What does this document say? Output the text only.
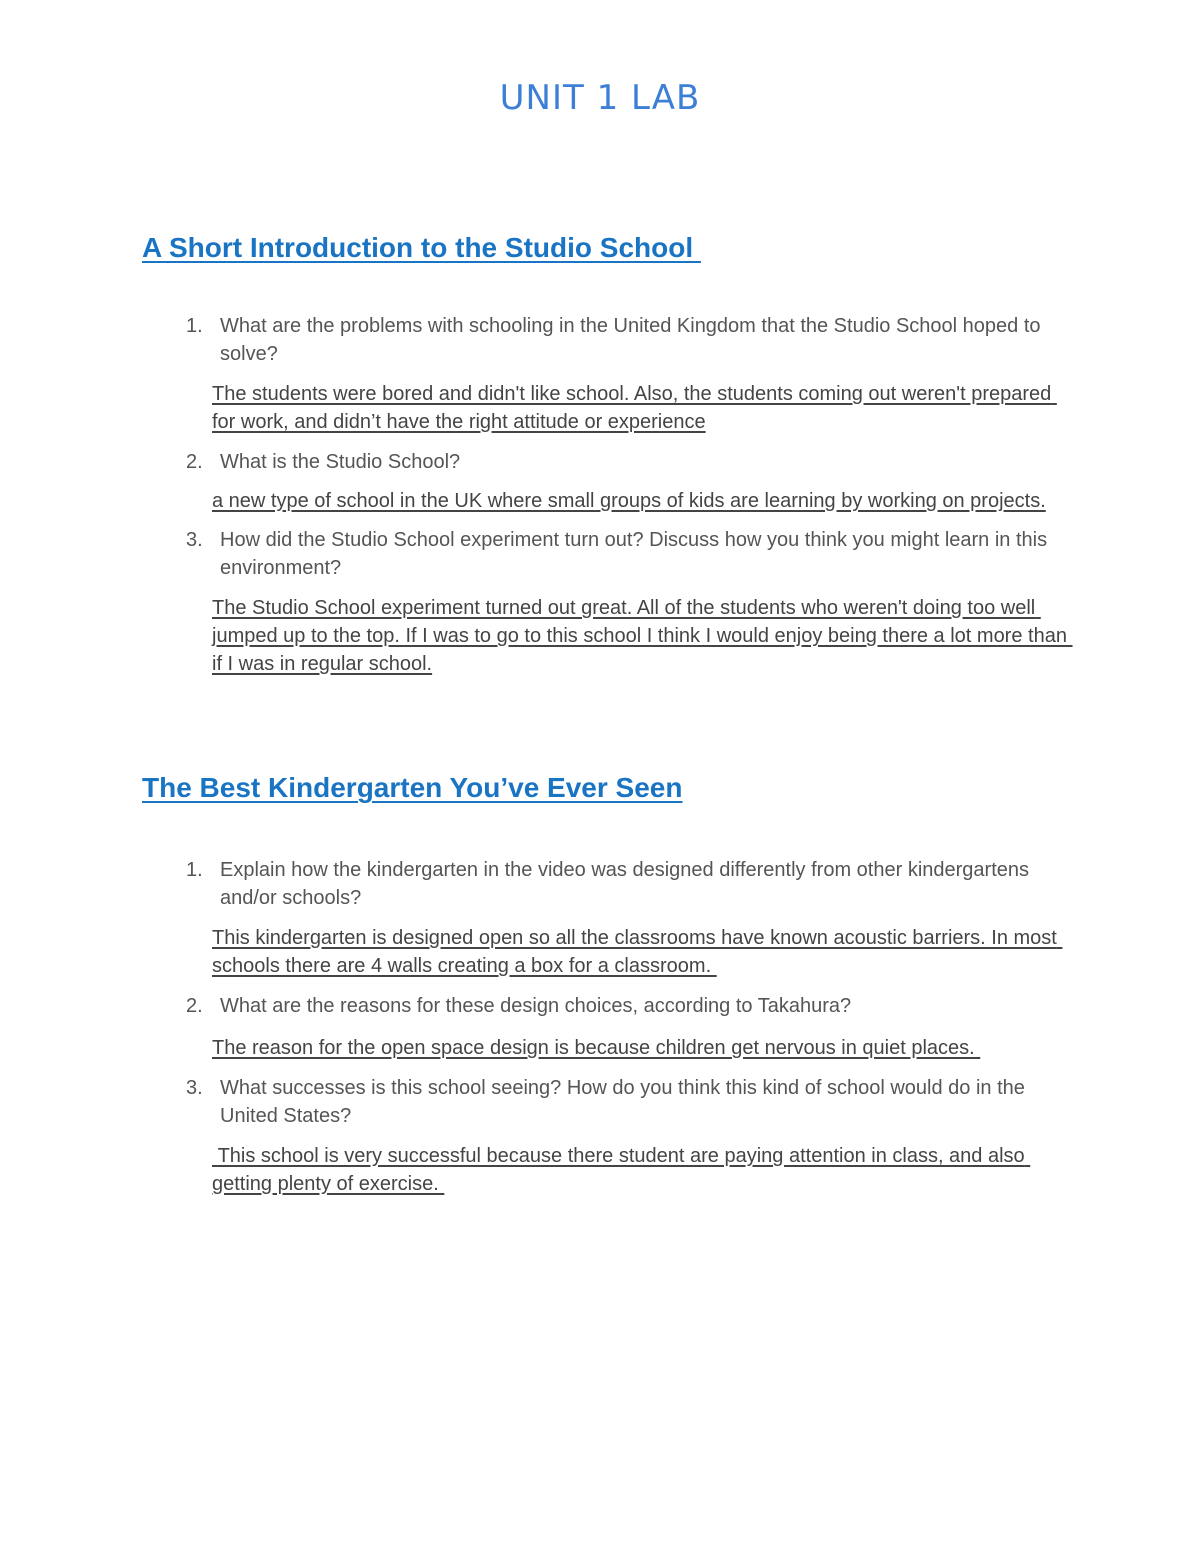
UNIT 1 LAB
A Short Introduction to the Studio School
1. What are the problems with schooling in the United Kingdom that the Studio School hoped to solve?

The students were bored and didn't like school. Also, the students coming out weren't prepared for work, and didn’t have the right attitude or experience

2. What is the Studio School?

a new type of school in the UK where small groups of kids are learning by working on projects.

3. How did the Studio School experiment turn out? Discuss how you think you might learn in this environment?

The Studio School experiment turned out great. All of the students who weren't doing too well jumped up to the top. If I was to go to this school I think I would enjoy being there a lot more than if I was in regular school.

The Best Kindergarten You’ve Ever Seen
1. Explain how the kindergarten in the video was designed differently from other kindergartens and/or schools?

This kindergarten is designed open so all the classrooms have known acoustic barriers. In most schools there are 4 walls creating a box for a classroom.

2. What are the reasons for these design choices, according to Takahura?

The reason for the open space design is because children get nervous in quiet places.

3. What successes is this school seeing? How do you think this kind of school would do in the United States?

This school is very successful because there student are paying attention in class, and also getting plenty of exercise.
